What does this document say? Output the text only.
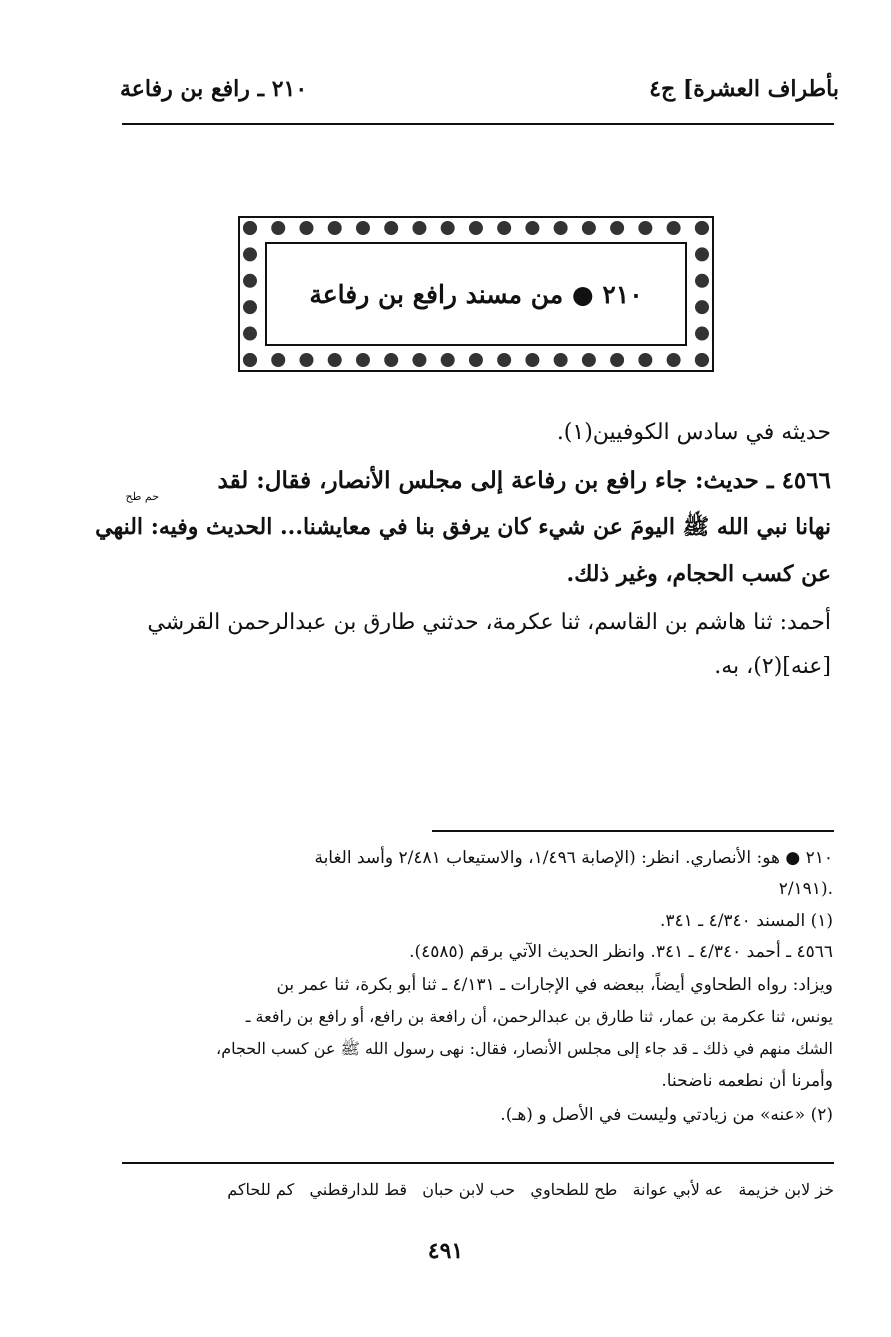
بأطراف العشرة] ج٤
٢١٠ ـ رافع بن رفاعة
٢١٠ ● من مسند رافع بن رفاعة
حديثه في سادس الكوفيين(١).
٤٥٦٦ ـ حديث: جاء رافع بن رفاعة إلى مجلس الأنصار، فقال: لقد
حم طح
نهانا نبي الله ﷺ اليومَ عن شيء كان يرفق بنا في معايشنا... الحديث وفيه: النهي
عن كسب الحجام، وغير ذلك.
أحمد: ثنا هاشم بن القاسم، ثنا عكرمة، حدثني طارق بن عبدالرحمن القرشي
[عنه](٢)، به.
٢١٠ ● هو: الأنصاري. انظر: (الإصابة ١/٤٩٦، والاستيعاب ٢/٤٨١ وأسد الغابة
٢/١٩١).
(١) المسند ٤/٣٤٠ ـ ٣٤١.
٤٥٦٦ ـ أحمد ٤/٣٤٠ ـ ٣٤١. وانظر الحديث الآتي برقم (٤٥٨٥).
ويزاد: رواه الطحاوي أيضاً، ببعضه في الإجارات ـ ٤/١٣١ ـ ثنا أبو بكرة، ثنا عمر بن
يونس، ثنا عكرمة بن عمار، ثنا طارق بن عبدالرحمن، أن رافعة بن رافع، أو رافع بن رافعة ـ
الشك منهم في ذلك ـ قد جاء إلى مجلس الأنصار، فقال: نهى رسول الله ﷺ عن كسب الحجام،
وأمرنا أن نطعمه ناضحنا.
(٢) «عنه» من زيادتي وليست في الأصل و (هـ).
خز لابن خزيمة   عه لأبي عوانة   طح للطحاوي   حب لابن حبان   قط للدارقطني   كم للحاكم
٤٩١
